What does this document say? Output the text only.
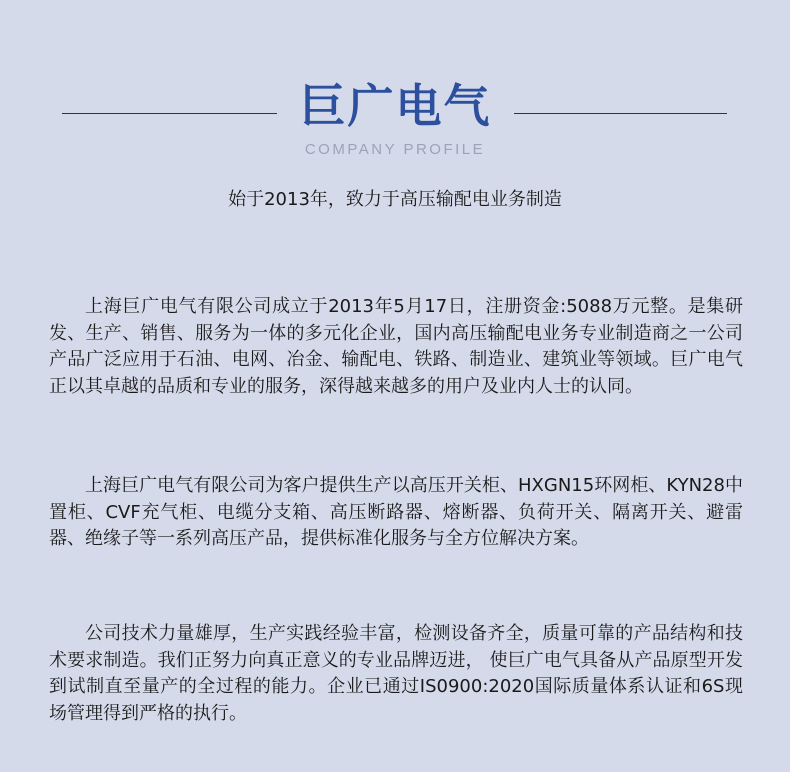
巨广电气
COMPANY PROFILE
始于2013年，致力于高压输配电业务制造

上海巨广电气有限公司成立于2013年5月17日，注册资金:5088万元整。是集研发、生产、销售、服务为一体的多元化企业，国内高压输配电业务专业制造商之一公司产品广泛应用于石油、电网、冶金、输配电、铁路、制造业、建筑业等领域。巨广电气正以其卓越的品质和专业的服务，深得越来越多的用户及业内人士的认同。

上海巨广电气有限公司为客户提供生产以高压开关柜、HXGN15环网柜、KYN28中置柜、CVF充气柜、电缆分支箱、高压断路器、熔断器、负荷开关、隔离开关、避雷器、绝缘子等一系列高压产品，提供标准化服务与全方位解决方案。

公司技术力量雄厚，生产实践经验丰富，检测设备齐全，质量可靠的产品结构和技术要求制造。我们正努力向真正意义的专业品牌迈进， 使巨广电气具备从产品原型开发到试制直至量产的全过程的能力。企业已通过IS0900:2020国际质量体系认证和6S现场管理得到严格的执行。
